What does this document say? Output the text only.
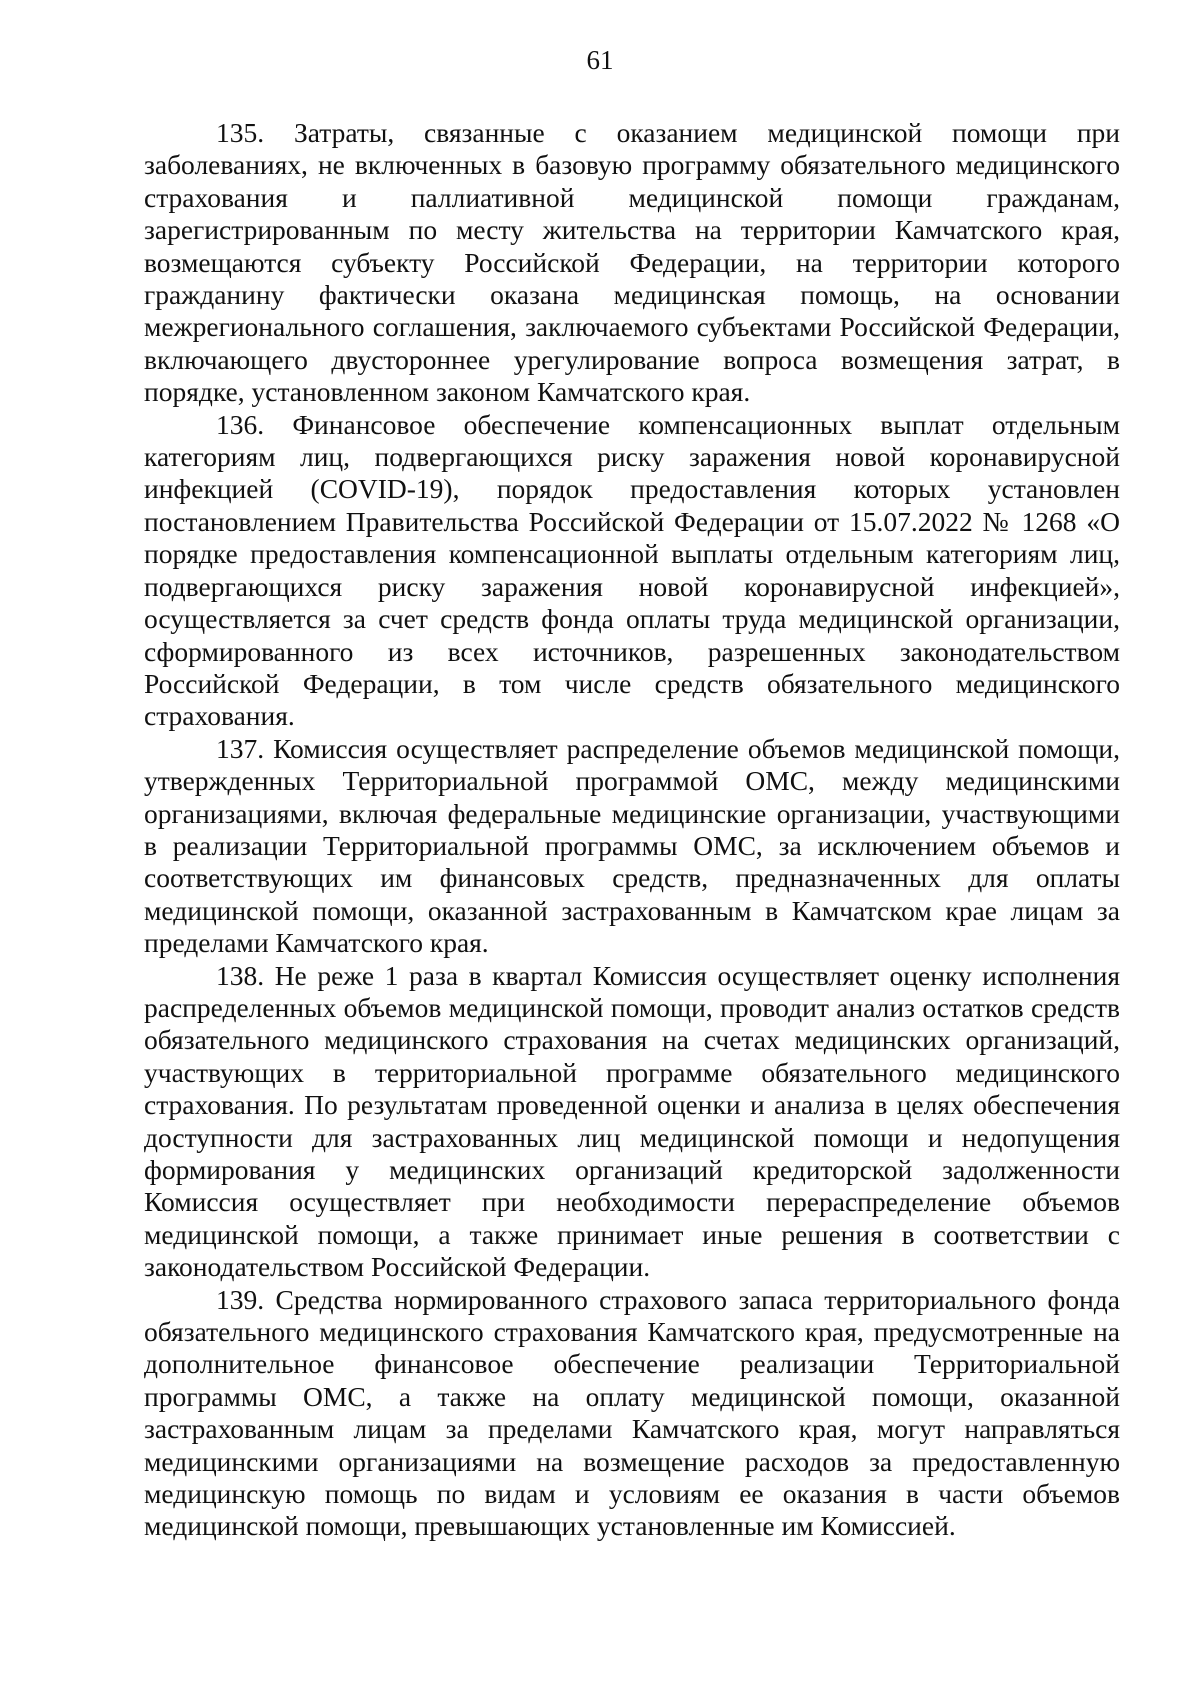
61

135. Затраты, связанные с оказанием медицинской помощи при заболеваниях, не включенных в базовую программу обязательного медицинского страхования и паллиативной медицинской помощи гражданам, зарегистрированным по месту жительства на территории Камчатского края, возмещаются субъекту Российской Федерации, на территории которого гражданину фактически оказана медицинская помощь, на основании межрегионального соглашения, заключаемого субъектами Российской Федерации, включающего двустороннее урегулирование вопроса возмещения затрат, в порядке, установленном законом Камчатского края.

136. Финансовое обеспечение компенсационных выплат отдельным категориям лиц, подвергающихся риску заражения новой коронавирусной инфекцией (COVID-19), порядок предоставления которых установлен постановлением Правительства Российской Федерации от 15.07.2022 № 1268 «О порядке предоставления компенсационной выплаты отдельным категориям лиц, подвергающихся риску заражения новой коронавирусной инфекцией», осуществляется за счет средств фонда оплаты труда медицинской организации, сформированного из всех источников, разрешенных законодательством Российской Федерации, в том числе средств обязательного медицинского страхования.

137. Комиссия осуществляет распределение объемов медицинской помощи, утвержденных Территориальной программой ОМС, между медицинскими организациями, включая федеральные медицинские организации, участвующими в реализации Территориальной программы ОМС, за исключением объемов и соответствующих им финансовых средств, предназначенных для оплаты медицинской помощи, оказанной застрахованным в Камчатском крае лицам за пределами Камчатского края.

138. Не реже 1 раза в квартал Комиссия осуществляет оценку исполнения распределенных объемов медицинской помощи, проводит анализ остатков средств обязательного медицинского страхования на счетах медицинских организаций, участвующих в территориальной программе обязательного медицинского страхования. По результатам проведенной оценки и анализа в целях обеспечения доступности для застрахованных лиц медицинской помощи и недопущения формирования у медицинских организаций кредиторской задолженности Комиссия осуществляет при необходимости перераспределение объемов медицинской помощи, а также принимает иные решения в соответствии с законодательством Российской Федерации.

139. Средства нормированного страхового запаса территориального фонда обязательного медицинского страхования Камчатского края, предусмотренные на дополнительное финансовое обеспечение реализации Территориальной программы ОМС, а также на оплату медицинской помощи, оказанной застрахованным лицам за пределами Камчатского края, могут направляться медицинскими организациями на возмещение расходов за предоставленную медицинскую помощь по видам и условиям ее оказания в части объемов медицинской помощи, превышающих установленные им Комиссией.
